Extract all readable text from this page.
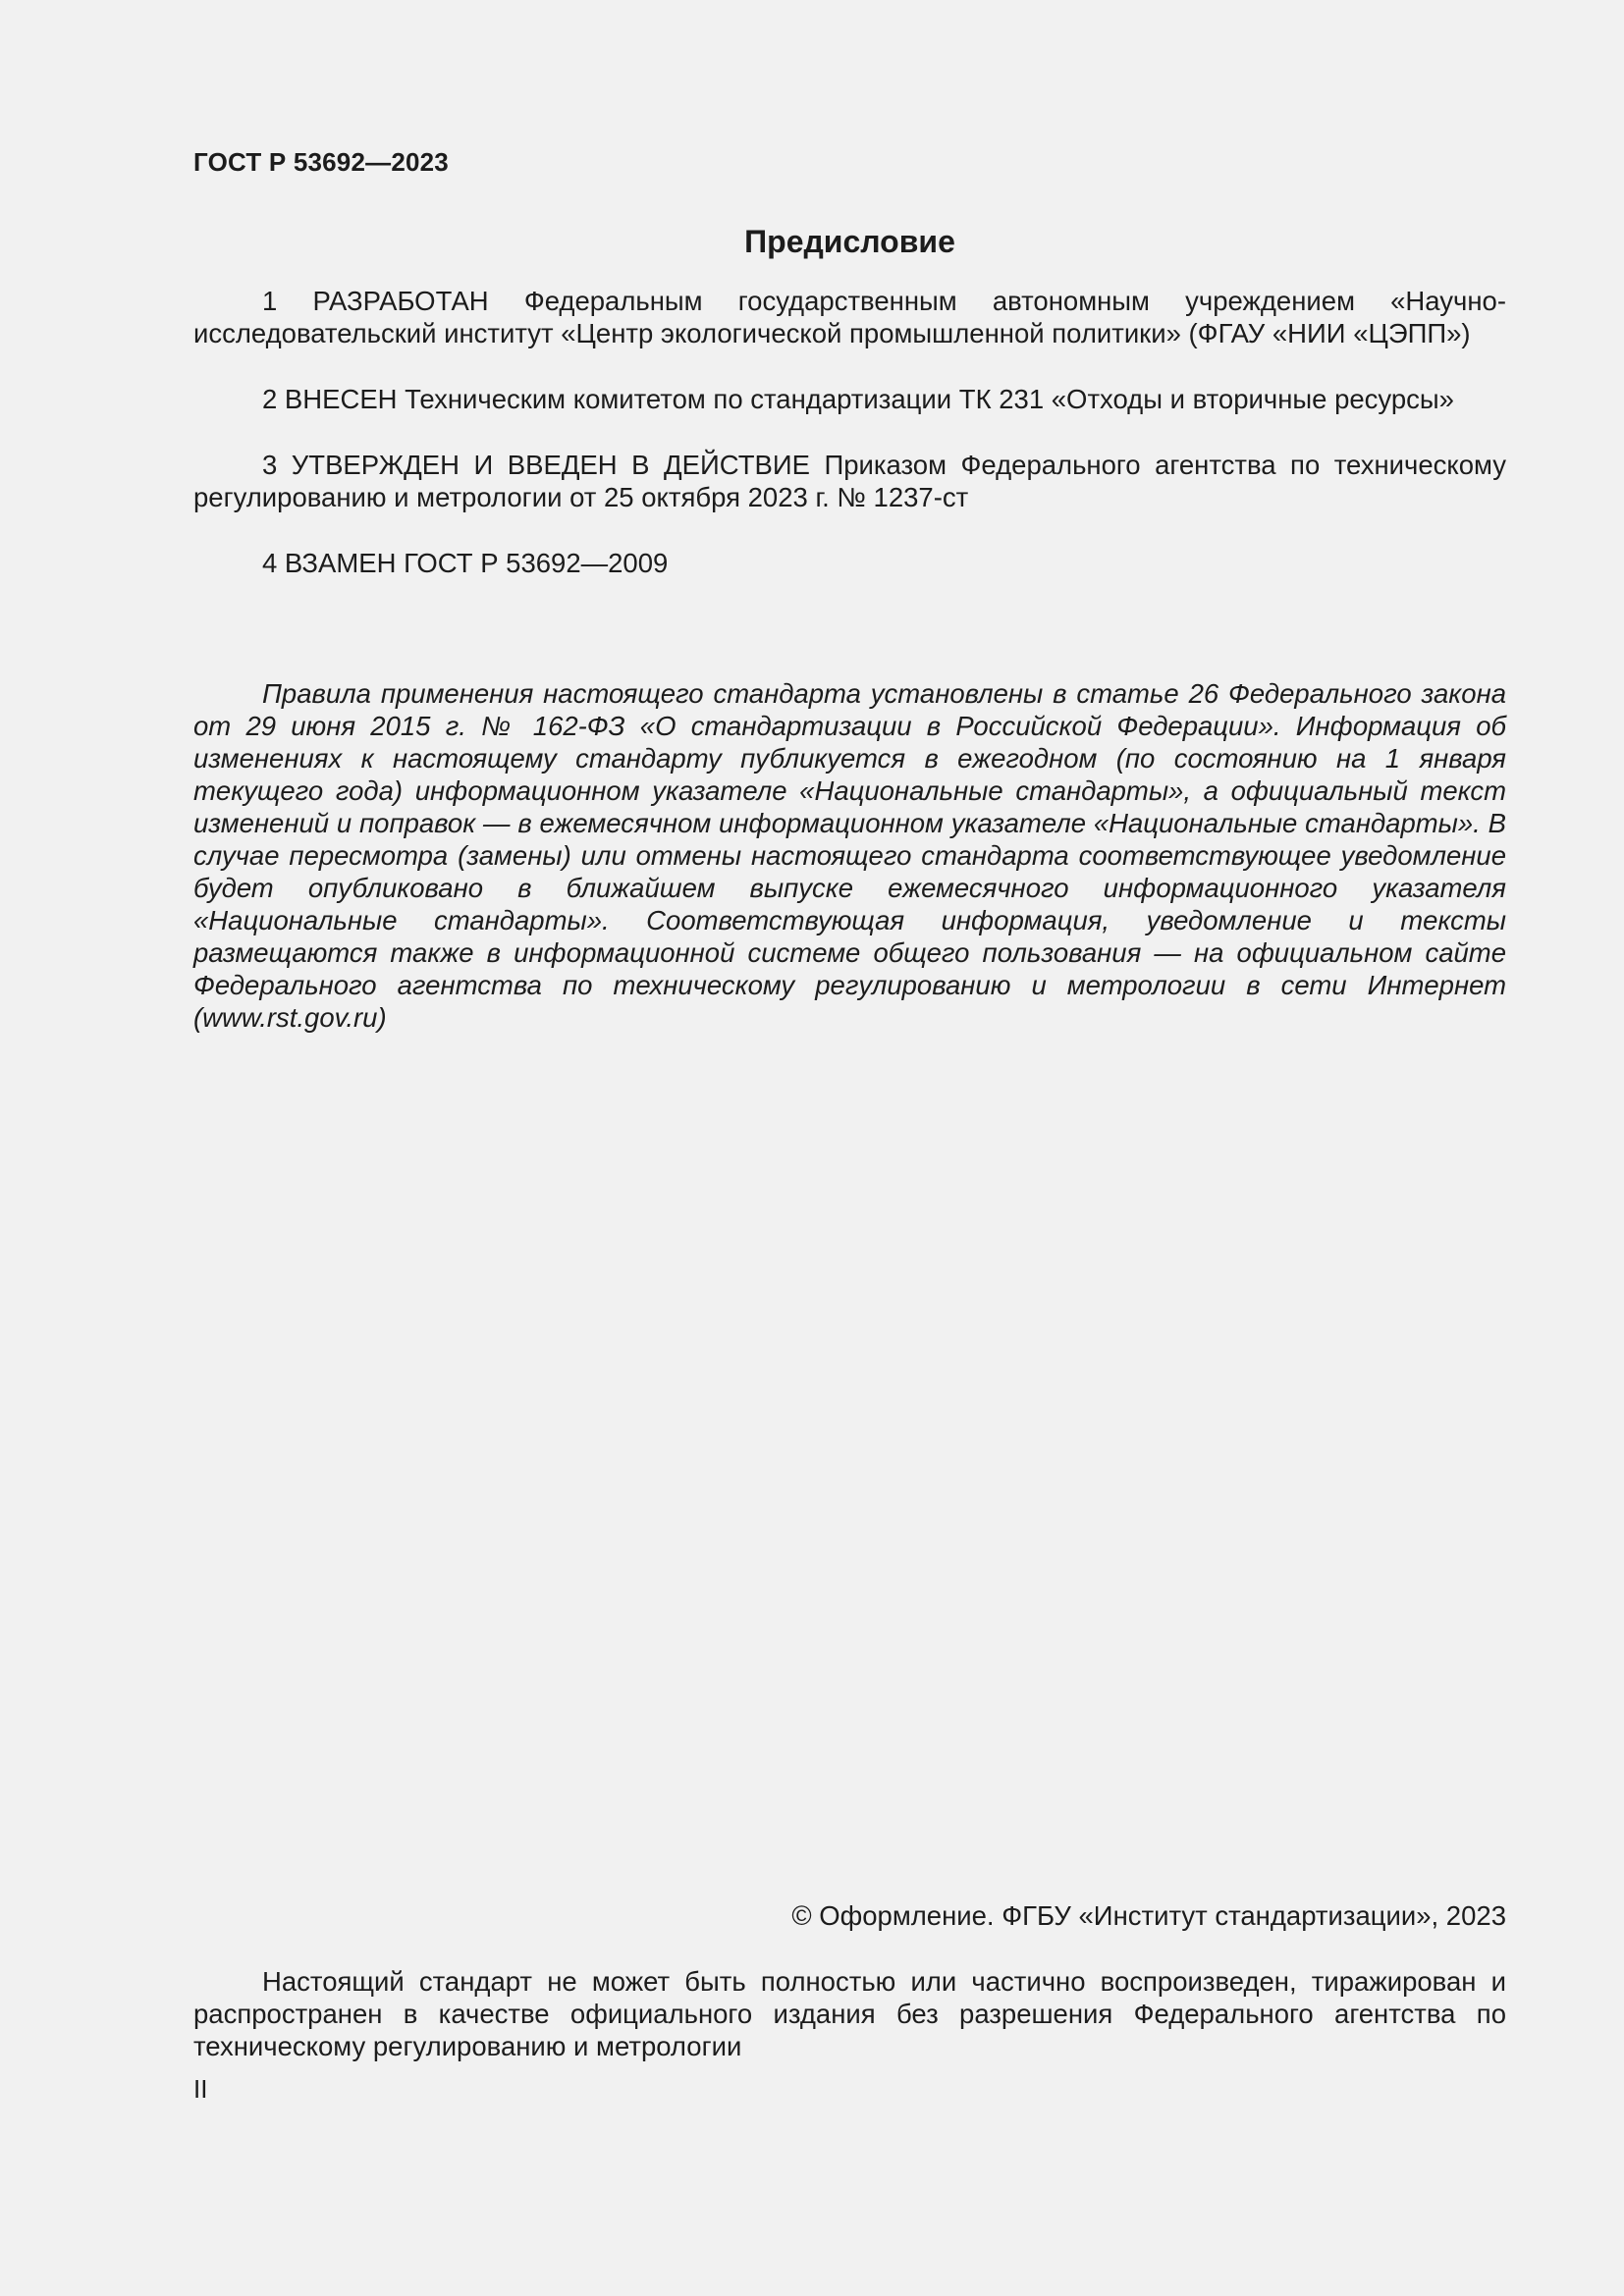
ГОСТ Р 53692—2023
Предисловие

1 РАЗРАБОТАН Федеральным государственным автономным учреждением «Научно-исследовательский институт «Центр экологической промышленной политики» (ФГАУ «НИИ «ЦЭПП»)

2 ВНЕСЕН Техническим комитетом по стандартизации ТК 231 «Отходы и вторичные ресурсы»

3 УТВЕРЖДЕН И ВВЕДЕН В ДЕЙСТВИЕ Приказом Федерального агентства по техническому регулированию и метрологии от 25 октября 2023 г. № 1237-ст

4 ВЗАМЕН ГОСТ Р 53692—2009

Правила применения настоящего стандарта установлены в статье 26 Федерального закона от 29 июня 2015 г. № 162-ФЗ «О стандартизации в Российской Федерации». Информация об изменениях к настоящему стандарту публикуется в ежегодном (по состоянию на 1 января текущего года) информационном указателе «Национальные стандарты», а официальный текст изменений и поправок — в ежемесячном информационном указателе «Национальные стандарты». В случае пересмотра (замены) или отмены настоящего стандарта соответствующее уведомление будет опубликовано в ближайшем выпуске ежемесячного информационного указателя «Национальные стандарты». Соответствующая информация, уведомление и тексты размещаются также в информационной системе общего пользования — на официальном сайте Федерального агентства по техническому регулированию и метрологии в сети Интернет (www.rst.gov.ru)

© Оформление. ФГБУ «Институт стандартизации», 2023

Настоящий стандарт не может быть полностью или частично воспроизведен, тиражирован и распространен в качестве официального издания без разрешения Федерального агентства по техническому регулированию и метрологии

II
